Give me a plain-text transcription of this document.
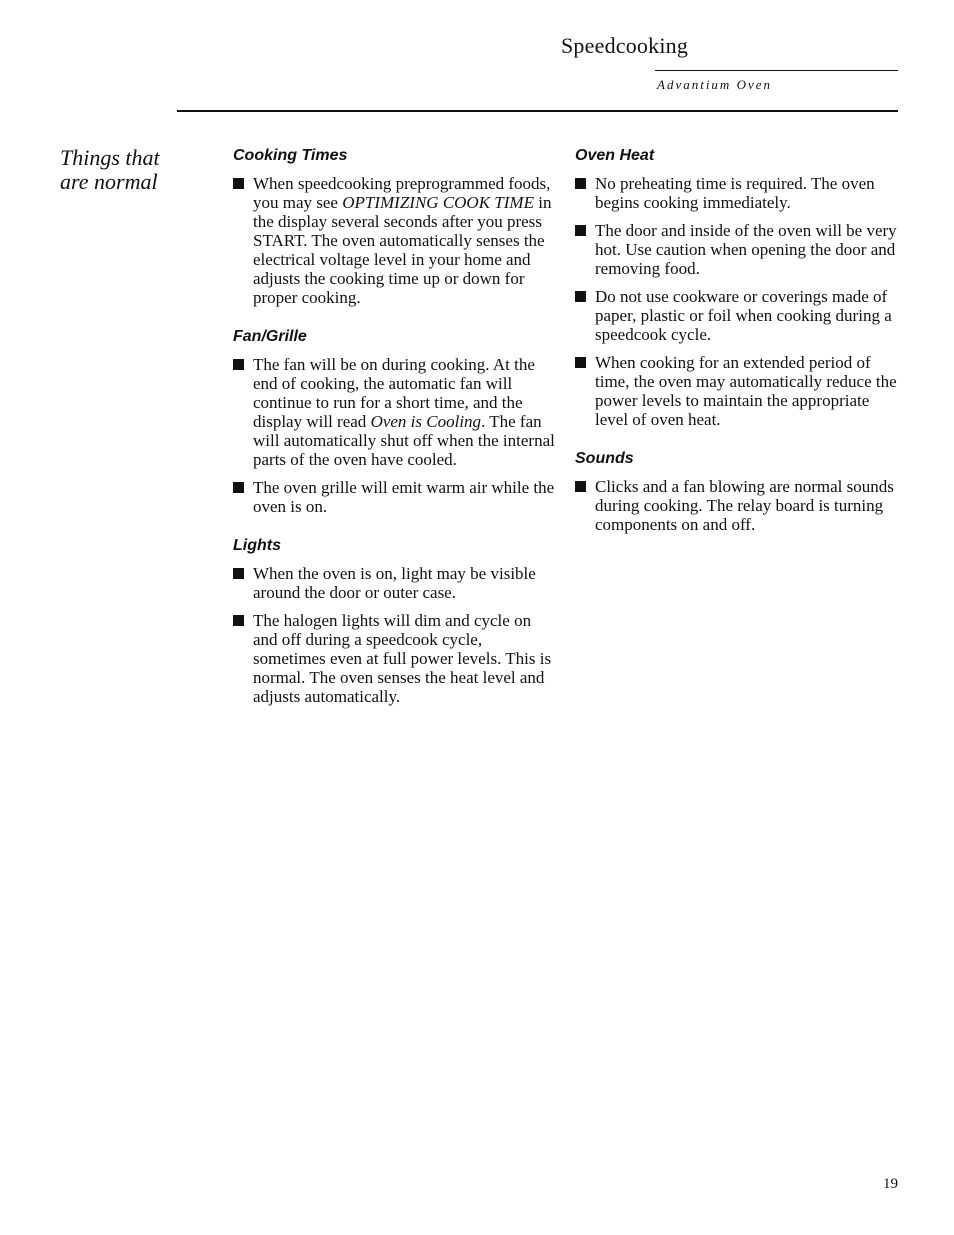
Speedcooking
Advantium Oven
Things that
are normal
Cooking Times
When speedcooking preprogrammed foods, you may see OPTIMIZING COOK TIME in the display several seconds after you press START. The oven automatically senses the electrical voltage level in your home and adjusts the cooking time up or down for proper cooking.
Fan/Grille
The fan will be on during cooking. At the end of cooking, the automatic fan will continue to run for a short time, and the display will read Oven is Cooling. The fan will automatically shut off when the internal parts of the oven have cooled.
The oven grille will emit warm air while the oven is on.
Lights
When the oven is on, light may be visible around the door or outer case.
The halogen lights will dim and cycle on and off during a speedcook cycle, sometimes even at full power levels. This is normal. The oven senses the heat level and adjusts automatically.
Oven Heat
No preheating time is required. The oven begins cooking immediately.
The door and inside of the oven will be very hot. Use caution when opening the door and removing food.
Do not use cookware or coverings made of paper, plastic or foil when cooking during a speedcook cycle.
When cooking for an extended period of time, the oven may automatically reduce the power levels to maintain the appropriate level of oven heat.
Sounds
Clicks and a fan blowing are normal sounds during cooking. The relay board is turning components on and off.
19
